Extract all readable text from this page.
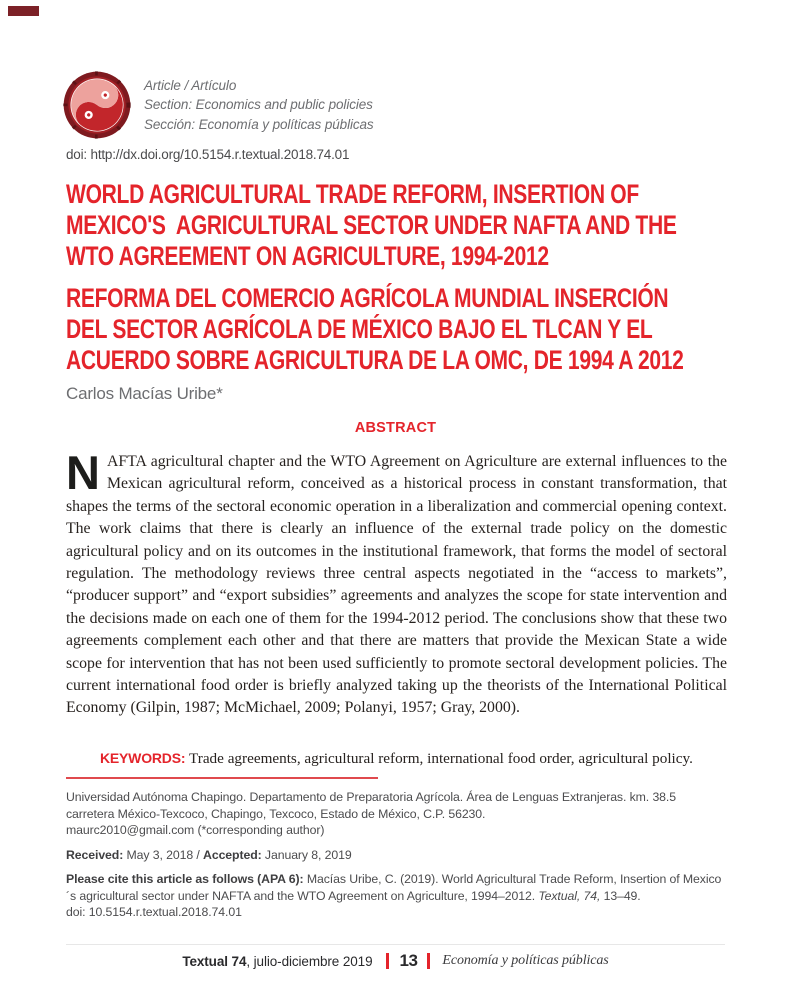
Article / Artículo
Section: Economics and public policies
Sección: Economía y políticas públicas
doi: http://dx.doi.org/10.5154.r.textual.2018.74.01
WORLD AGRICULTURAL TRADE REFORM, INSERTION OF
MEXICO'S  AGRICULTURAL SECTOR UNDER NAFTA AND THE
WTO AGREEMENT ON AGRICULTURE, 1994-2012
REFORMA DEL COMERCIO AGRÍCOLA MUNDIAL INSERCIÓN
DEL SECTOR AGRÍCOLA DE MÉXICO BAJO EL TLCAN Y EL
ACUERDO SOBRE AGRICULTURA DE LA OMC, DE 1994 A 2012
Carlos Macías Uribe*
ABSTRACT

NAFTA agricultural chapter and the WTO Agreement on Agriculture are external influences to the Mexican agricultural reform, conceived as a historical process in constant transformation, that shapes the terms of the sectoral economic operation in a liberalization and commercial opening context. The work claims that there is clearly an influence of the external trade policy on the domestic agricultural policy and on its outcomes in the institutional framework, that forms the model of sectoral regulation. The methodology reviews three central aspects negotiated in the “access to markets”, “producer support” and “export subsidies” agreements and analyzes the scope for state intervention and the decisions made on each one of them for the 1994-2012 period. The conclusions show that these two agreements complement each other and that there are matters that provide the Mexican State a wide scope for intervention that has not been used sufficiently to promote sectoral development policies. The current international food order is briefly analyzed taking up the theorists of the International Political Economy (Gilpin, 1987; McMichael, 2009; Polanyi, 1957; Gray, 2000).

KEYWORDS: Trade agreements, agricultural reform, international food order, agricultural policy.

Universidad Autónoma Chapingo. Departamento de Preparatoria Agrícola. Área de Lenguas Extranjeras. km. 38.5 carretera México-Texcoco, Chapingo, Texcoco, Estado de México, C.P. 56230.

maurc2010@gmail.com (*corresponding author)

Received: May 3, 2018 / Accepted: January 8, 2019

Please cite this article as follows (APA 6): Macías Uribe, C. (2019). World Agricultural Trade Reform, Insertion of Mexico´s agricultural sector under NAFTA and the WTO Agreement on Agriculture, 1994–2012. Textual, 74, 13–49.
doi: 10.5154.r.textual.2018.74.01

Textual 74 , julio-diciembre 2019 13 Economía y políticas públicas
